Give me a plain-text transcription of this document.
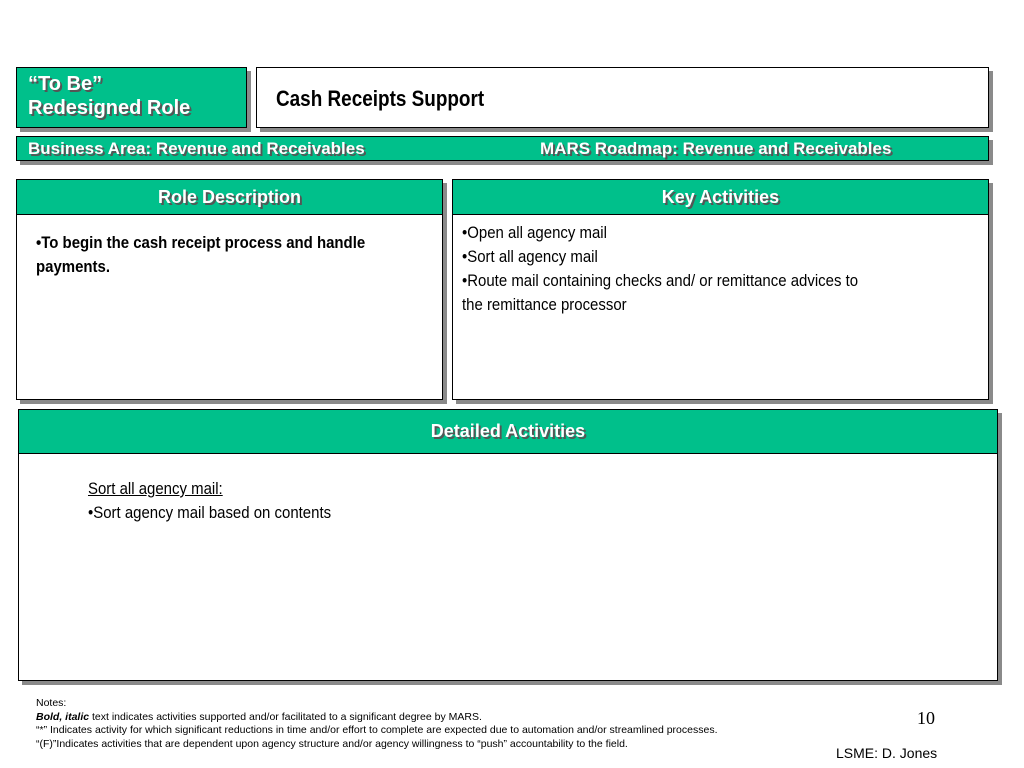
“To Be”
Redesigned Role	Cash Receipts Support
Business Area: Revenue and Receivables	MARS Roadmap: Revenue and Receivables
Role Description
•To begin the cash receipt process and handle payments.
Key Activities
•Open all agency mail
•Sort all agency mail
•Route mail containing checks and/ or remittance advices to the remittance processor
Detailed Activities
Sort all agency mail:
•Sort agency mail based on contents
Notes:
Bold, italic text indicates activities supported and/or facilitated to a significant degree by MARS.
“*” Indicates activity for which significant reductions in time and/or effort to complete are expected due to automation and/or streamlined processes.
“(F)”Indicates activities that are dependent upon agency structure and/or agency willingness to “push” accountability to the field.
10
LSME: D. Jones
